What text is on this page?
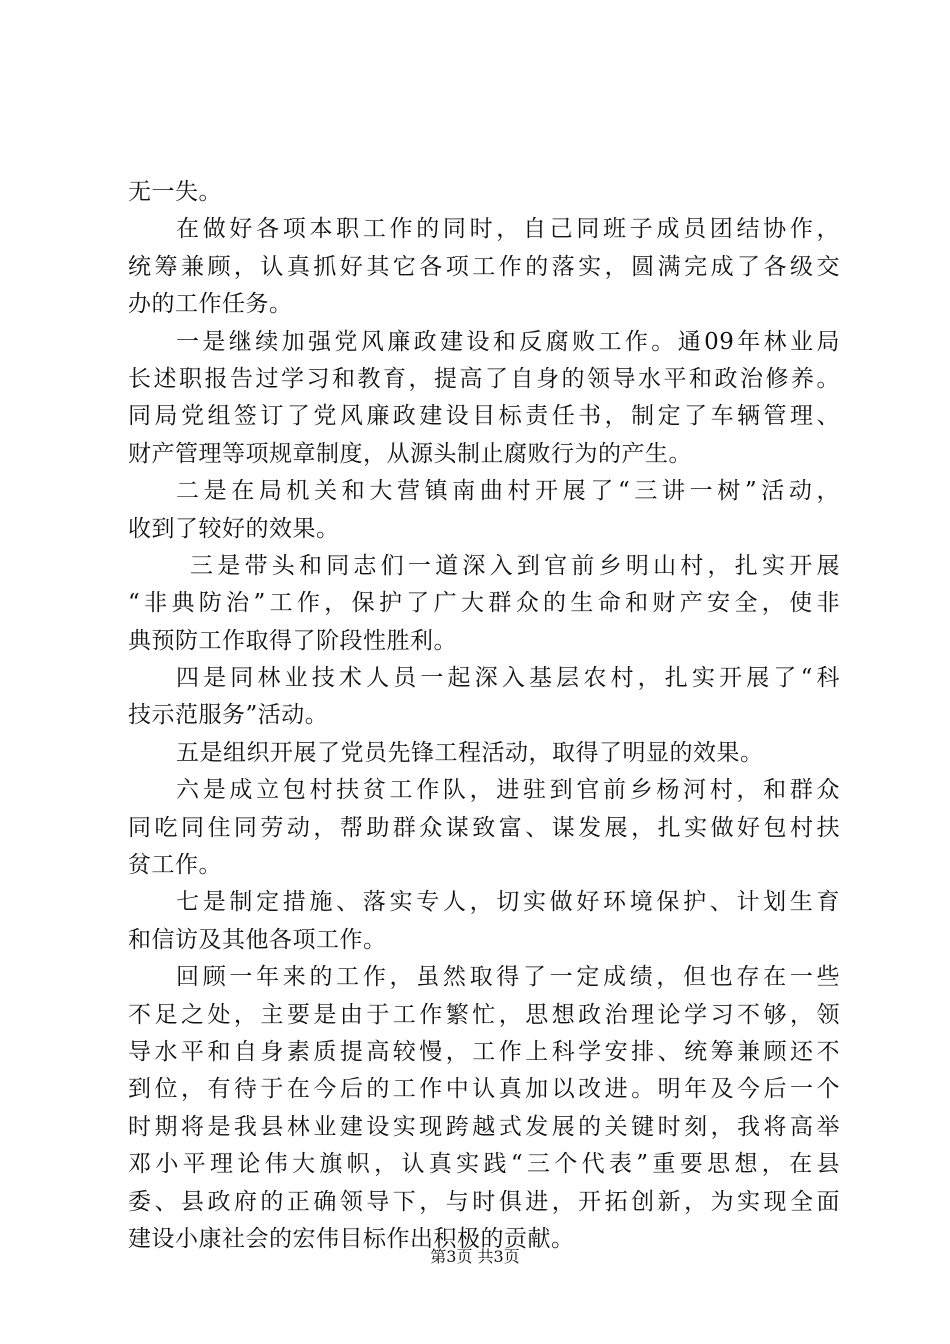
无一失。
在做好各项本职工作的同时，自己同班子成员团结协作，
统筹兼顾，认真抓好其它各项工作的落实，圆满完成了各级交
办的工作任务。
一是继续加强党风廉政建设和反腐败工作。通09年林业局
长述职报告过学习和教育，提高了自身的领导水平和政治修养。
同局党组签订了党风廉政建设目标责任书，制定了车辆管理、
财产管理等项规章制度，从源头制止腐败行为的产生。
二是在局机关和大营镇南曲村开展了“三讲一树”活动，
收到了较好的效果。
三是带头和同志们一道深入到官前乡明山村，扎实开展
“非典防治”工作，保护了广大群众的生命和财产安全，使非
典预防工作取得了阶段性胜利。
四是同林业技术人员一起深入基层农村，扎实开展了“科
技示范服务”活动。
五是组织开展了党员先锋工程活动，取得了明显的效果。
六是成立包村扶贫工作队，进驻到官前乡杨河村，和群众
同吃同住同劳动，帮助群众谋致富、谋发展，扎实做好包村扶
贫工作。
七是制定措施、落实专人，切实做好环境保护、计划生育
和信访及其他各项工作。
回顾一年来的工作，虽然取得了一定成绩，但也存在一些
不足之处，主要是由于工作繁忙，思想政治理论学习不够，领
导水平和自身素质提高较慢，工作上科学安排、统筹兼顾还不
到位，有待于在今后的工作中认真加以改进。明年及今后一个
时期将是我县林业建设实现跨越式发展的关键时刻，我将高举
邓小平理论伟大旗帜，认真实践“三个代表”重要思想，在县
委、县政府的正确领导下，与时俱进，开拓创新，为实现全面
建设小康社会的宏伟目标作出积极的贡献。
第3页 共3页
